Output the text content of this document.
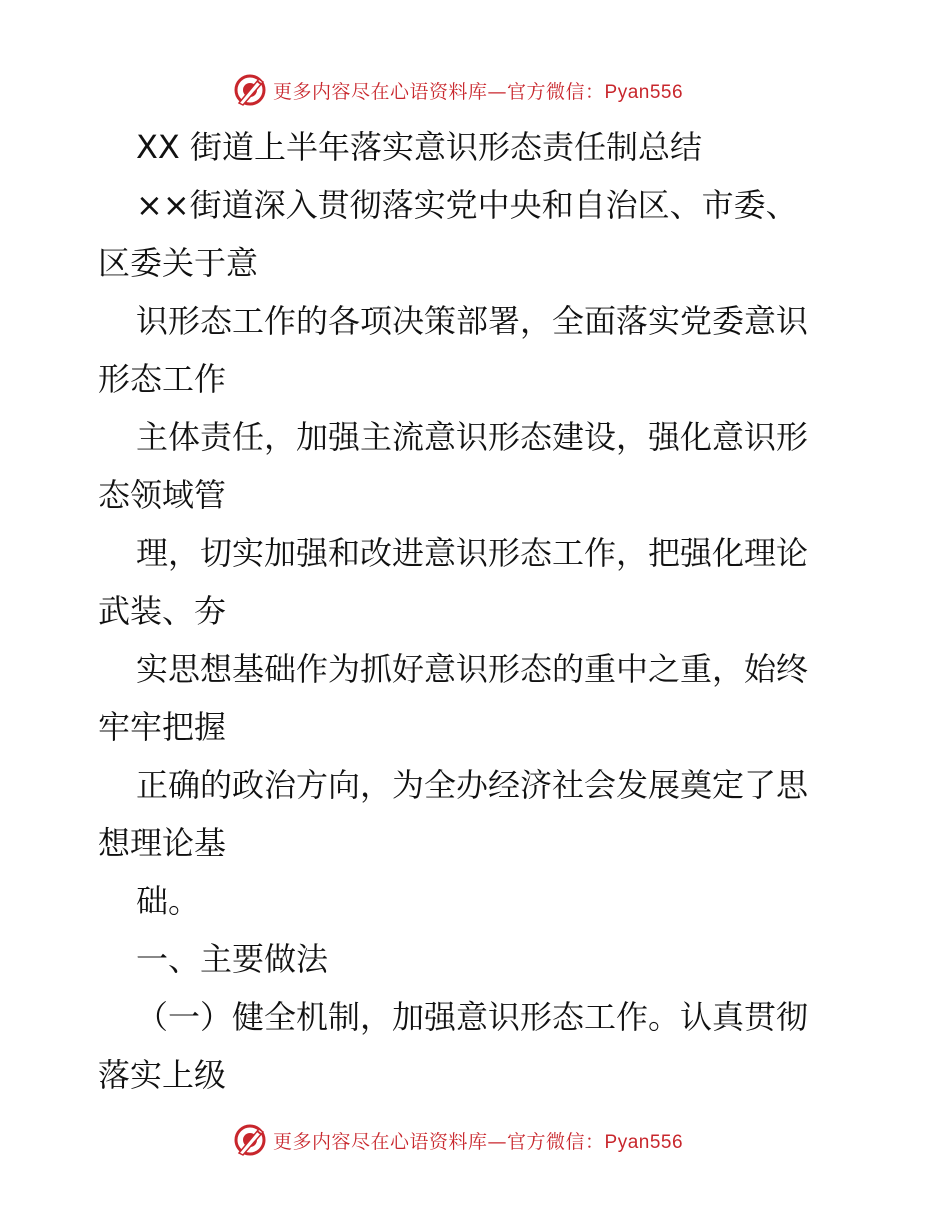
更多内容尽在心语资料库—官方微信：Pyan556
XX 街道上半年落实意识形态责任制总结
××街道深入贯彻落实党中央和自治区、市委、
区委关于意
识形态工作的各项决策部署，全面落实党委意识
形态工作
主体责任，加强主流意识形态建设，强化意识形
态领域管
理，切实加强和改进意识形态工作，把强化理论
武装、夯
实思想基础作为抓好意识形态的重中之重，始终
牢牢把握
正确的政治方向，为全办经济社会发展奠定了思
想理论基
础。
一、主要做法
（一）健全机制，加强意识形态工作。认真贯彻
落实上级
更多内容尽在心语资料库—官方微信：Pyan556
